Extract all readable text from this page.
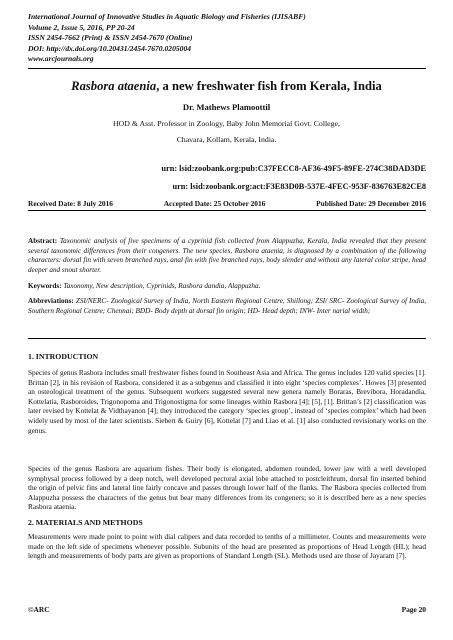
International Journal of Innovative Studies in Aquatic Biology and Fisheries (IJISABF)
Volume 2, Issue 5, 2016, PP 20-24
ISSN 2454-7662 (Print) & ISSN 2454-7670 (Online)
DOI: http://dx.doi.org/10.20431/2454-7670.0205004
www.arcjournals.org
Rasbora ataenia, a new freshwater fish from Kerala, India
Dr. Mathews Plamoottil
HOD & Asst. Professor in Zoology, Baby John Memorial Govt. College,
Chavara, Kollam, Kerala, India.
urn: lsid:zoobank.org:pub:C37FECC8-AF36-49F5-89FE-274C38DAD3DE
urn: lsid:zoobank.org:act:F3E83D0B-537E-4FEC-953F-836763E82CE8
Received Date: 8 July 2016	Accepted Date: 25 October 2016	Published Date: 29 December 2016
Abstract: Taxonomic analysis of five specimens of a cyprinid fish collected from Alappuzha, Kerala, India revealed that they present several taxonomic differences from their congeners. The new species, Rasbora ataenia, is diagnosed by a combination of the following characters: dorsal fin with seven branched rays, anal fin with five branched rays, body slender and without any lateral color stripe, head deeper and snout shorter.
Keywords: Taxonomy, New description, Cyprinids, Rasbora dandia, Alappuzha.
Abbreviations: ZSI/NERC- Zoological Survey of India, North Eastern Regional Centre, Shillong; ZSI/ SRC- Zoological Survey of India, Southern Regional Centre; Chennai; BDD- Body depth at dorsal fin origin; HD- Head depth; INW- Inter narial width;
1. INTRODUCTION
Species of genus Rasbora includes small freshwater fishes found in Southeast Asia and Africa. The genus includes 120 valid species [1]. Brittan [2], in his revision of Rasbora, considered it as a subgenus and classified it into eight ‘species complexes’. Howes [3] presented an osteological treatment of the genus. Subsequent workers suggested several new genera namely Boraras, Brevibora, Horadandia, Kottelatia, Rasboroides, Trigonopoma and Trigonostigma for some lineages within Rasbora [4]; [5], [1]. Brittan’s [2] classification was later revised by Kottelat & Vidthayanon [4]; they introduced the category ‘species group’, instead of ‘species complex’ which had been widely used by most of the later scientists. Siebert & Guiry [6], Kottelat [7] and Liao et al. [1] also conducted revisionary works on the genus.
Species of the genus Rasbora are aquarium fishes. Their body is elongated, abdomen rounded, lower jaw with a well developed symphysal process followed by a deep notch, well developed pectoral axial lobe attached to postcleithrum, dorsal fin inserted behind the origin of pelvic fins and lateral line fairly concave and passes through lower half of the flanks. The Rasbora species collected from Alappuzha possess the characters of the genus but bear many differences from its congeners; so it is described here as a new species Rasbora ataenia.
2. MATERIALS AND METHODS
Measurements were made point to point with dial calipers and data recorded to tenths of a millimeter. Counts and measurements were made on the left side of specimens whenever possible. Subunits of the head are presented as proportions of Head Length (HL); head length and measurements of body parts are given as proportions of Standard Length (SL). Methods used are those of Jayaram [7].
©ARC	Page 20
